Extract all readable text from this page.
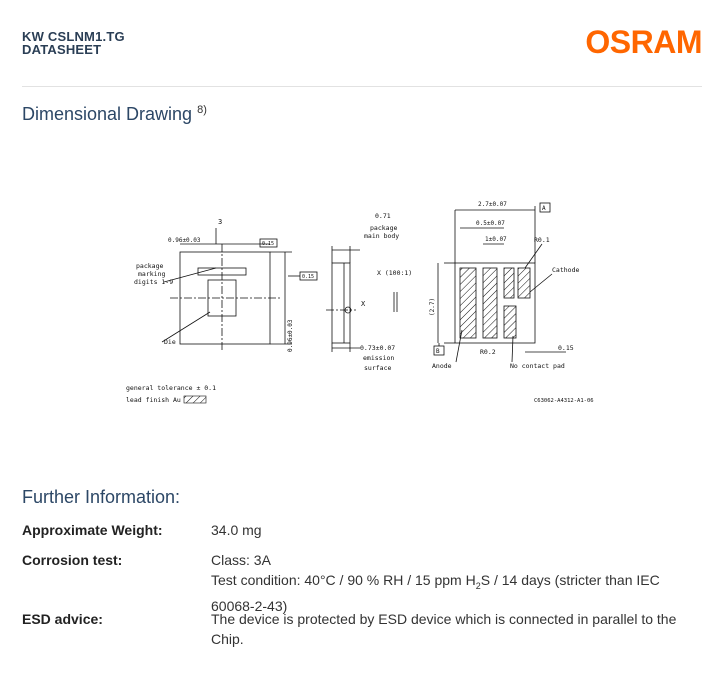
KW CSLNM1.TG
DATASHEET	OSRAM
Dimensional Drawing $^{8)}$
3
0.96±0.03	0.15
0.15
package
marking
digits 1-9
Die	0.96±0.03
0.71
package
main body
X (100:1)
X
0.73±0.07
emission
surface
A
B
2.7±0.07
0.5±0.07
1±0.07	R0.1
Cathode
(2.7)
R0.2	0.15
Anode	No contact pad
general tolerance ± 0.1
lead finish Au	C63062-A4312-A1-06
Further Information:
Approximate Weight:	34.0 mg
Corrosion test:	Class: 3A
Test condition: 40°C / 90 % RH / 15 ppm $H_2S / 14$ days (stricter than IEC 60068-2-43)
ESD advice:	The device is protected by ESD device which is connected in parallel to the Chip.
